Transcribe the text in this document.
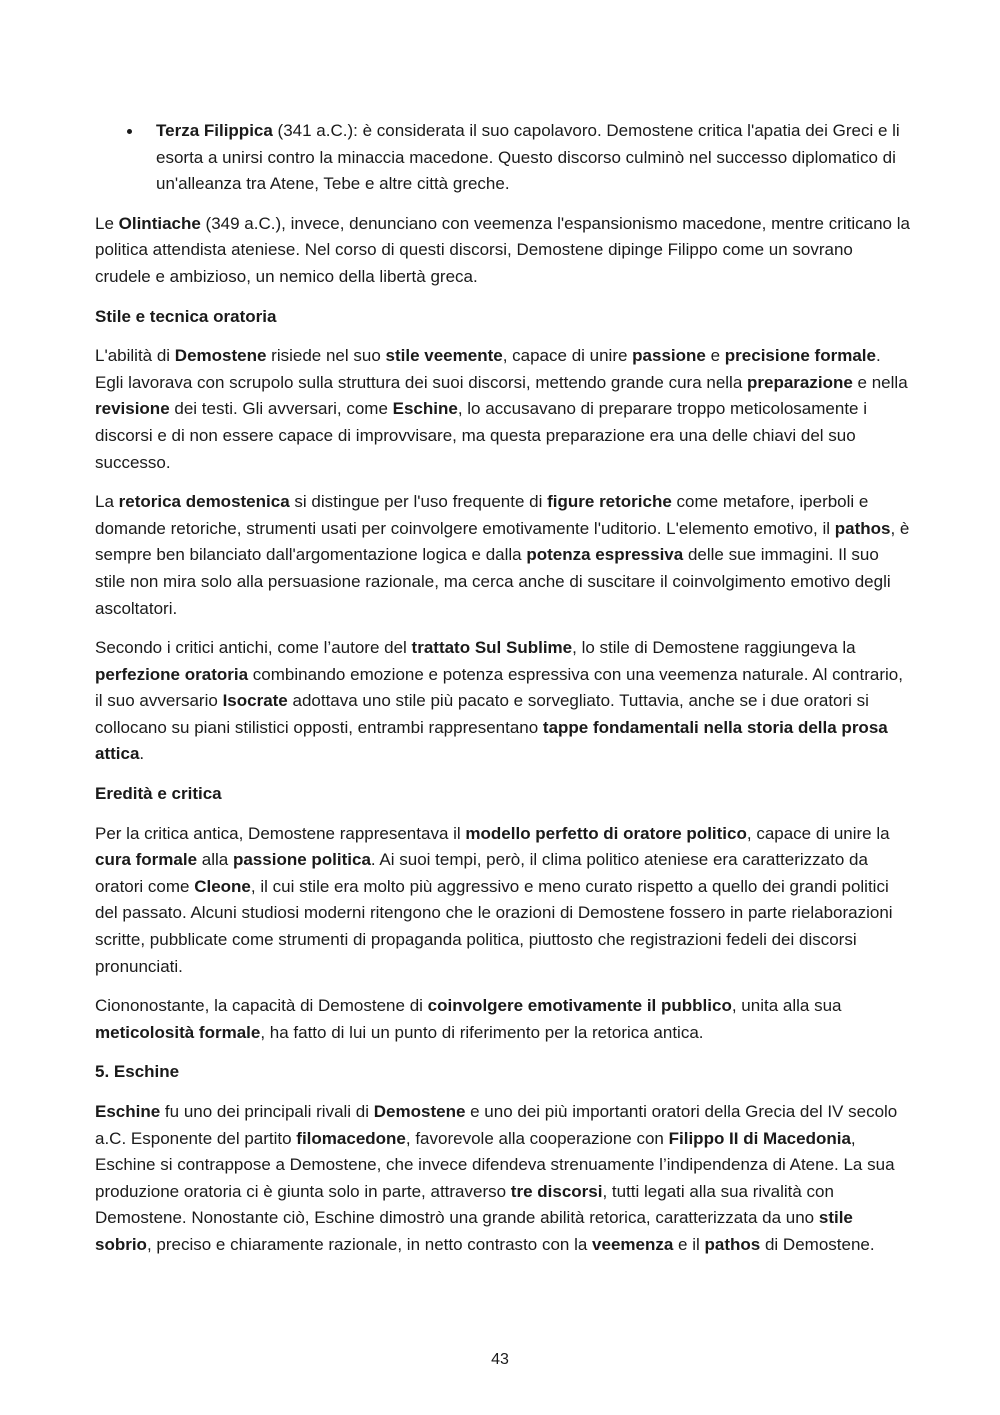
Terza Filippica (341 a.C.): è considerata il suo capolavoro. Demostene critica l'apatia dei Greci e li esorta a unirsi contro la minaccia macedone. Questo discorso culminò nel successo diplomatico di un'alleanza tra Atene, Tebe e altre città greche.

Le Olintiache (349 a.C.), invece, denunciano con veemenza l'espansionismo macedone, mentre criticano la politica attendista ateniese. Nel corso di questi discorsi, Demostene dipinge Filippo come un sovrano crudele e ambizioso, un nemico della libertà greca.

Stile e tecnica oratoria

L'abilità di Demostene risiede nel suo stile veemente, capace di unire passione e precisione formale. Egli lavorava con scrupolo sulla struttura dei suoi discorsi, mettendo grande cura nella preparazione e nella revisione dei testi. Gli avversari, come Eschine, lo accusavano di preparare troppo meticolosamente i discorsi e di non essere capace di improvvisare, ma questa preparazione era una delle chiavi del suo successo.

La retorica demostenica si distingue per l'uso frequente di figure retoriche come metafore, iperboli e domande retoriche, strumenti usati per coinvolgere emotivamente l'uditorio. L'elemento emotivo, il pathos, è sempre ben bilanciato dall'argomentazione logica e dalla potenza espressiva delle sue immagini. Il suo stile non mira solo alla persuasione razionale, ma cerca anche di suscitare il coinvolgimento emotivo degli ascoltatori.

Secondo i critici antichi, come l’autore del trattato Sul Sublime, lo stile di Demostene raggiungeva la perfezione oratoria combinando emozione e potenza espressiva con una veemenza naturale. Al contrario, il suo avversario Isocrate adottava uno stile più pacato e sorvegliato. Tuttavia, anche se i due oratori si collocano su piani stilistici opposti, entrambi rappresentano tappe fondamentali nella storia della prosa attica.

Eredità e critica

Per la critica antica, Demostene rappresentava il modello perfetto di oratore politico, capace di unire la cura formale alla passione politica. Ai suoi tempi, però, il clima politico ateniese era caratterizzato da oratori come Cleone, il cui stile era molto più aggressivo e meno curato rispetto a quello dei grandi politici del passato. Alcuni studiosi moderni ritengono che le orazioni di Demostene fossero in parte rielaborazioni scritte, pubblicate come strumenti di propaganda politica, piuttosto che registrazioni fedeli dei discorsi pronunciati.

Ciononostante, la capacità di Demostene di coinvolgere emotivamente il pubblico, unita alla sua meticolosità formale, ha fatto di lui un punto di riferimento per la retorica antica.

5. Eschine

Eschine fu uno dei principali rivali di Demostene e uno dei più importanti oratori della Grecia del IV secolo a.C. Esponente del partito filomacedone, favorevole alla cooperazione con Filippo II di Macedonia, Eschine si contrappose a Demostene, che invece difendeva strenuamente l’indipendenza di Atene. La sua produzione oratoria ci è giunta solo in parte, attraverso tre discorsi, tutti legati alla sua rivalità con Demostene. Nonostante ciò, Eschine dimostrò una grande abilità retorica, caratterizzata da uno stile sobrio, preciso e chiaramente razionale, in netto contrasto con la veemenza e il pathos di Demostene.

43
